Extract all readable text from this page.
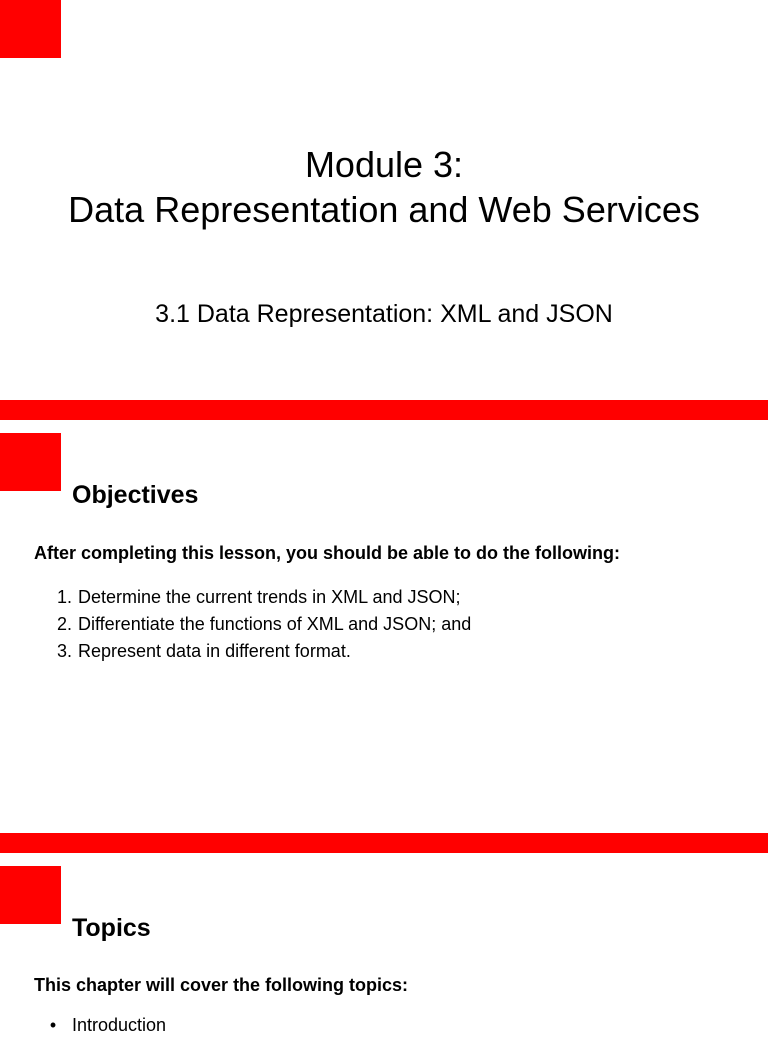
Module 3:
Data Representation and Web Services
3.1 Data Representation: XML and JSON
Objectives
After completing this lesson, you should be able to do the following:
1. Determine the current trends in XML and JSON;
2. Differentiate the functions of XML and JSON; and
3. Represent data in different format.
Topics
This chapter will cover the following topics:
• Introduction
